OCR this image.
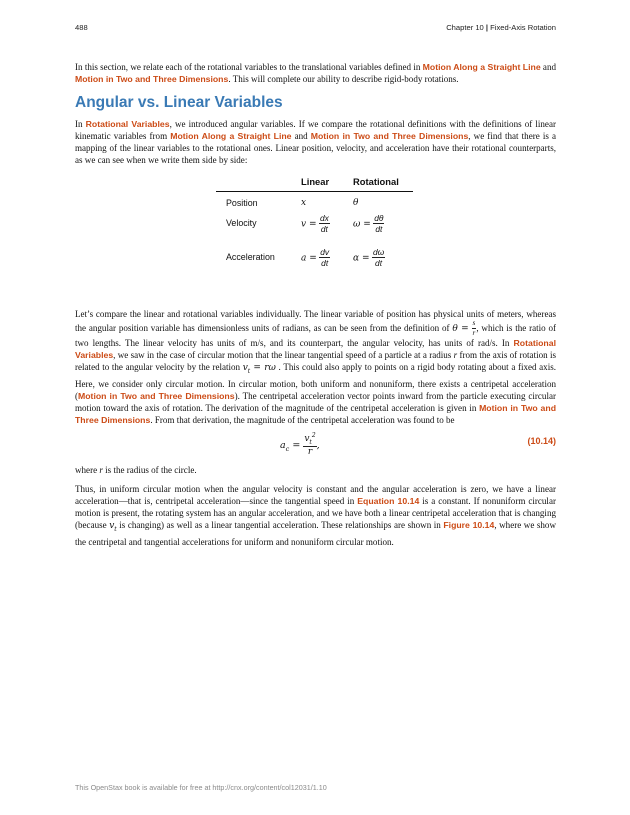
488	Chapter 10 | Fixed-Axis Rotation

In this section, we relate each of the rotational variables to the translational variables defined in Motion Along a Straight Line and Motion in Two and Three Dimensions. This will complete our ability to describe rigid-body rotations.

Angular vs. Linear Variables

In Rotational Variables, we introduced angular variables. If we compare the rotational definitions with the definitions of linear kinematic variables from Motion Along a Straight Line and Motion in Two and Three Dimensions, we find that there is a mapping of the linear variables to the rotational ones. Linear position, velocity, and acceleration have their rotational counterparts, as we can see when we write them side by side:

	Linear	Rotational
Position	x	θ
Velocity	$v = \frac{dx}{dt}$	$\omega = \frac{d\theta}{dt}$

Acceleration	$a = \frac{dv}{dt}$	$\alpha = \frac{d\omega}{dt}$

Let’s compare the linear and rotational variables individually. The linear variable of position has physical units of meters, whereas the angular position variable has dimensionless units of radians, as can be seen from the definition of $\theta = \frac{s}{r}$ , which is the ratio of two lengths. The linear velocity has units of m/s, and its counterpart, the angular velocity, has units of rad/s. In Rotational Variables, we saw in the case of circular motion that the linear tangential speed of a particle at a radius r from the axis of rotation is related to the angular velocity by the relation $v_t = r\omega$ . This could also apply to points on a rigid body rotating about a fixed axis. Here, we consider only circular motion. In circular motion, both uniform and nonuniform, there exists a centripetal acceleration (Motion in Two and Three Dimensions). The centripetal acceleration vector points inward from the particle executing circular motion toward the axis of rotation. The derivation of the magnitude of the centripetal acceleration is given in Motion in Two and Three Dimensions. From that derivation, the magnitude of the centripetal acceleration was found to be

$a_c = \frac{v_t^2}{r}$ ,	(10.14)

where r is the radius of the circle.

Thus, in uniform circular motion when the angular velocity is constant and the angular acceleration is zero, we have a linear acceleration—that is, centripetal acceleration—since the tangential speed in Equation 10.14 is a constant. If nonuniform circular motion is present, the rotating system has an angular acceleration, and we have both a linear centripetal acceleration that is changing (because $v_t$ is changing) as well as a linear tangential acceleration. These relationships are shown in Figure 10.14, where we show the centripetal and tangential accelerations for uniform and nonuniform circular motion.

This OpenStax book is available for free at http://cnx.org/content/col12031/1.10
